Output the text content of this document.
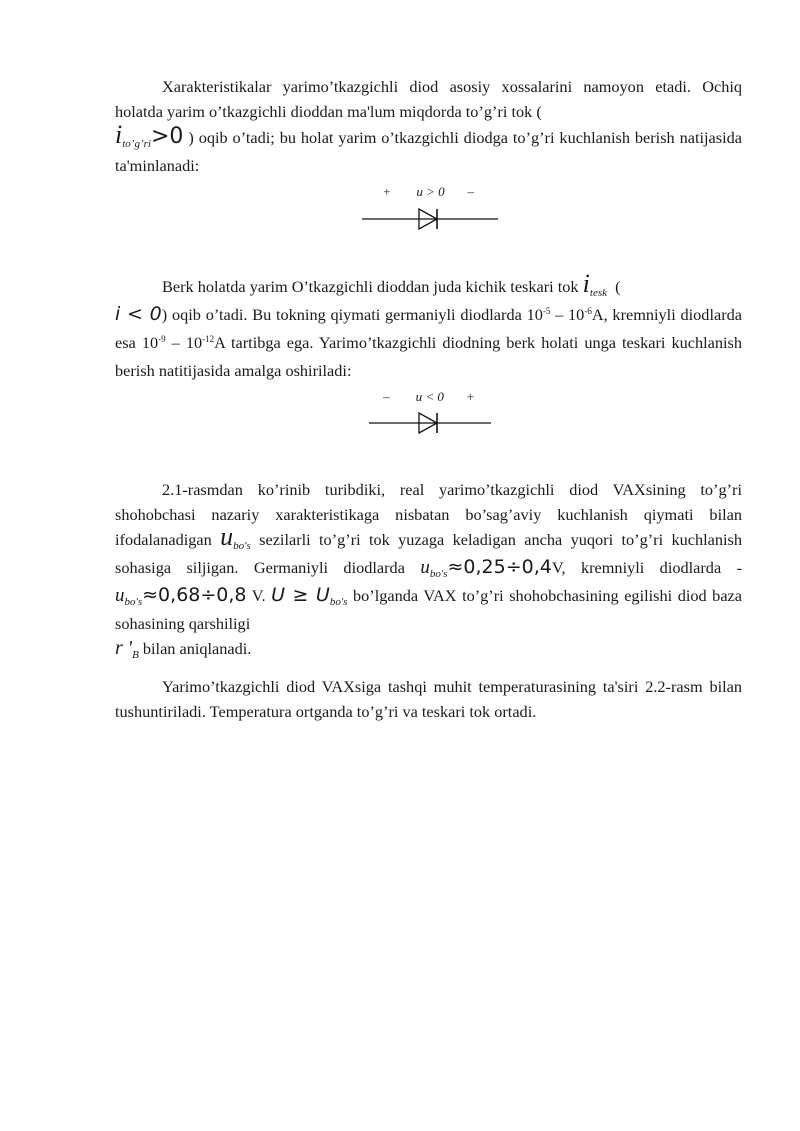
Xarakteristikalar yarimo’tkazgichli diod asosiy xossalarini namoyon etadi. Ochiq holatda yarim o’tkazgichli dioddan ma'lum miqdorda to’g’ri tok (
$i_{to’g’ri}>0$ ) oqib o’tadi; bu holat yarim o’tkazgichli diodga to’g’ri kuchlanish berish natijasida ta'minlanadi:

+ u > 0 –

Berk holatda yarim O’tkazgichli dioddan juda kichik teskari tok $i_{tesk}$ (
i < 0) oqib o’tadi. Bu tokning qiymati germaniyli diodlarda $10^{-5} - 10^{-6}A$, kremniyli diodlarda esa $10^{-9} - 10^{-12}A$ tartibga ega. Yarimo’tkazgichli diodning berk holati unga teskari kuchlanish berish natitijasida amalga oshiriladi:

– u < 0 +

2.1-rasmdan ko’rinib turibdiki, real yarimo’tkazgichli diod VAXsining to’g’ri shohobchasi nazariy xarakteristikaga nisbatan bo’sag’aviy kuchlanish qiymati bilan ifodalanadigan $u_{bo's}$ sezilarli to’g’ri tok yuzaga keladigan ancha yuqori to’g’ri kuchlanish sohasiga siljigan. Germaniyli diodlarda $u_{bo's}\approx 0,25\div 0,4V$, kremniyli diodlarda - $u_{bo's}\approx 0,68\div 0,8$ V. $U \ge U_{bo's}$ bo’lganda VAX to’g’ri shohobchasining egilishi diod baza sohasining qarshiligi
r '$_B$ bilan aniqlanadi.

Yarimo’tkazgichli diod VAXsiga tashqi muhit temperaturasining ta'siri 2.2-rasm bilan tushuntiriladi. Temperatura ortganda to’g’ri va teskari tok ortadi.
